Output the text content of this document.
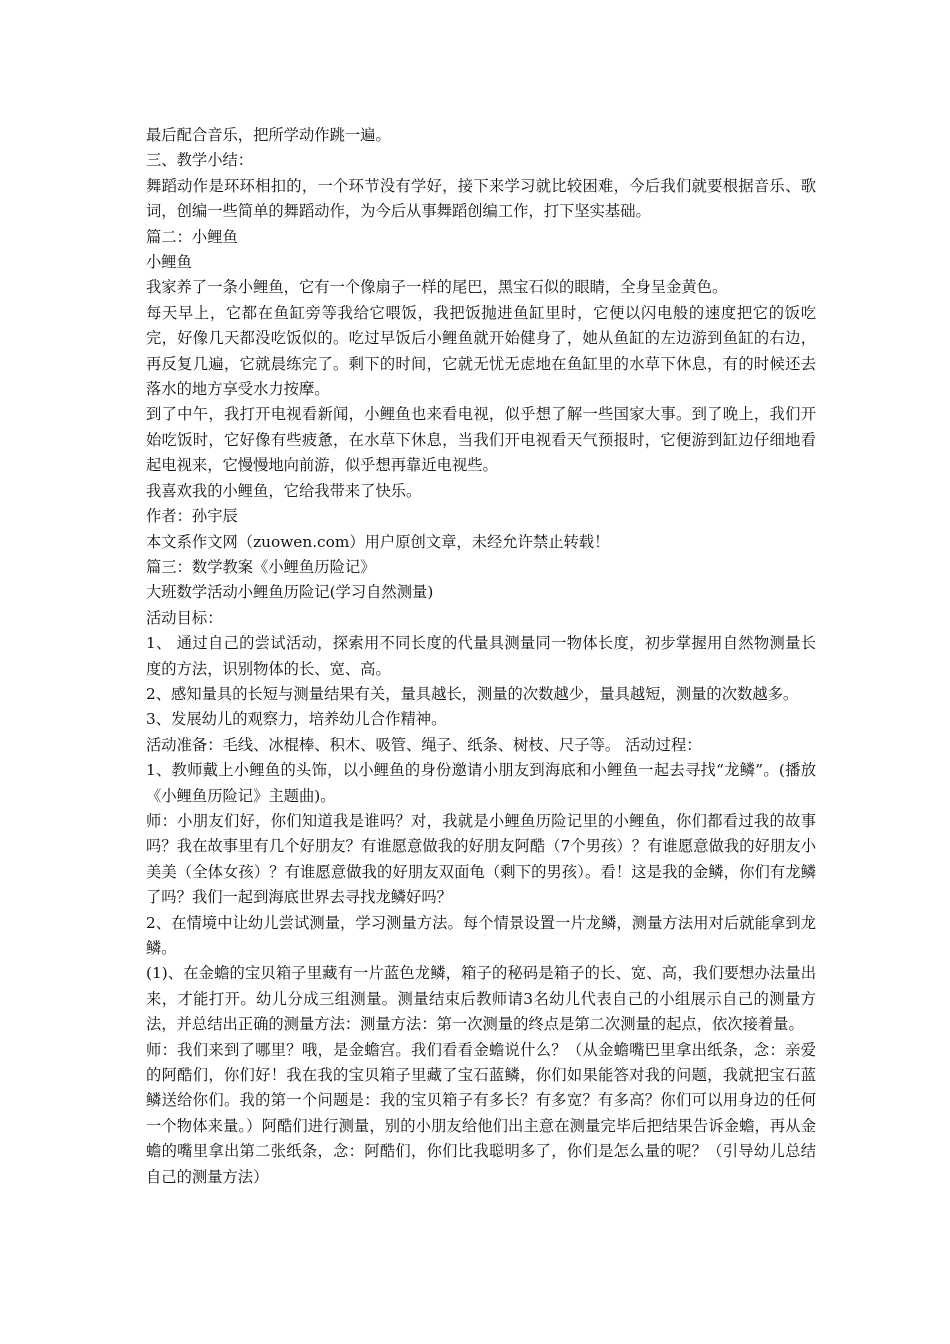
最后配合音乐，把所学动作跳一遍。

三、教学小结：

舞蹈动作是环环相扣的，一个环节没有学好，接下来学习就比较困难，今后我们就要根据音乐、歌词，创编一些简单的舞蹈动作，为今后从事舞蹈创编工作，打下坚实基础。

篇二：小鲤鱼

小鲤鱼

我家养了一条小鲤鱼，它有一个像扇子一样的尾巴，黑宝石似的眼睛，全身呈金黄色。

每天早上，它都在鱼缸旁等我给它喂饭，我把饭抛进鱼缸里时，它便以闪电般的速度把它的饭吃完，好像几天都没吃饭似的。吃过早饭后小鲤鱼就开始健身了，她从鱼缸的左边游到鱼缸的右边，再反复几遍，它就晨练完了。剩下的时间，它就无忧无虑地在鱼缸里的水草下休息，有的时候还去落水的地方享受水力按摩。

到了中午，我打开电视看新闻，小鲤鱼也来看电视，似乎想了解一些国家大事。到了晚上，我们开始吃饭时，它好像有些疲惫，在水草下休息，当我们开电视看天气预报时，它便游到缸边仔细地看起电视来，它慢慢地向前游，似乎想再靠近电视些。

我喜欢我的小鲤鱼，它给我带来了快乐。

作者：孙宇辰

本文系作文网（zuowen.com）用户原创文章，未经允许禁止转载！

篇三：数学教案《小鲤鱼历险记》

大班数学活动小鲤鱼历险记(学习自然测量)

活动目标：

1、 通过自己的尝试活动，探索用不同长度的代量具测量同一物体长度，初步掌握用自然物测量长度的方法，识别物体的长、宽、高。

2、感知量具的长短与测量结果有关，量具越长，测量的次数越少，量具越短，测量的次数越多。

3、发展幼儿的观察力，培养幼儿合作精神。

活动准备：毛线、冰棍棒、积木、吸管、绳子、纸条、树枝、尺子等。 活动过程：

1、教师戴上小鲤鱼的头饰，以小鲤鱼的身份邀请小朋友到海底和小鲤鱼一起去寻找“龙鳞”。(播放《小鲤鱼历险记》主题曲)。

师：小朋友们好，你们知道我是谁吗？对，我就是小鲤鱼历险记里的小鲤鱼，你们都看过我的故事吗？我在故事里有几个好朋友？有谁愿意做我的好朋友阿酷（7个男孩）？有谁愿意做我的好朋友小美美（全体女孩）？有谁愿意做我的好朋友双面龟（剩下的男孩）。看！这是我的金鳞，你们有龙鳞了吗？我们一起到海底世界去寻找龙鳞好吗？

2、在情境中让幼儿尝试测量，学习测量方法。每个情景设置一片龙鳞，测量方法用对后就能拿到龙鳞。

(1)、在金蟾的宝贝箱子里藏有一片蓝色龙鳞，箱子的秘码是箱子的长、宽、高，我们要想办法量出来，才能打开。幼儿分成三组测量。测量结束后教师请3名幼儿代表自己的小组展示自己的测量方法，并总结出正确的测量方法：测量方法：第一次测量的终点是第二次测量的起点，依次接着量。

师：我们来到了哪里？哦，是金蟾宫。我们看看金蟾说什么？（从金蟾嘴巴里拿出纸条，念：亲爱的阿酷们，你们好！我在我的宝贝箱子里藏了宝石蓝鳞，你们如果能答对我的问题，我就把宝石蓝鳞送给你们。我的第一个问题是：我的宝贝箱子有多长？有多宽？有多高？你们可以用身边的任何一个物体来量。）阿酷们进行测量，别的小朋友给他们出主意在测量完毕后把结果告诉金蟾，再从金蟾的嘴里拿出第二张纸条，念：阿酷们，你们比我聪明多了，你们是怎么量的呢？（引导幼儿总结自己的测量方法）
